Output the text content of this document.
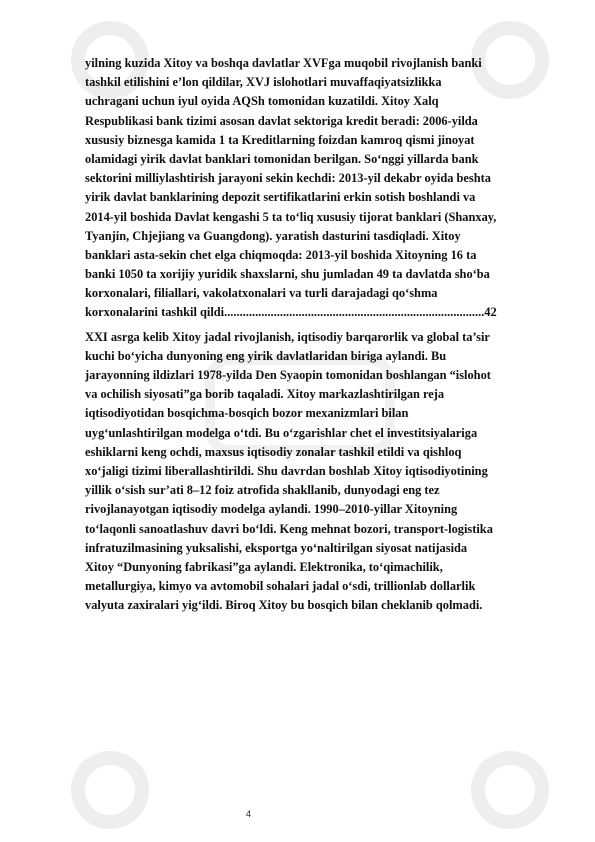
yilning kuzida Xitoy va boshqa davlatlar XVFga muqobil rivojlanish banki
tashkil etilishini e’lon qildilar, XVJ islohotlari muvaffaqiyatsizlikka
uchragani uchun iyul oyida AQSh tomonidan kuzatildi. Xitoy Xalq
Respublikasi bank tizimi asosan davlat sektoriga kredit beradi: 2006-yilda
xususiy biznesga kamida 1 ta Kreditlarning foizdan kamroq qismi jinoyat
olamidagi yirik davlat banklari tomonidan berilgan. So‘nggi yillarda bank
sektorini milliylashtirish jarayoni sekin kechdi: 2013-yil dekabr oyida beshta
yirik davlat banklarining depozit sertifikatlarini erkin sotish boshlandi va
2014-yil boshida Davlat kengashi 5 ta to‘liq xususiy tijorat banklari (Shanxay,
Tyanjin, Chjejiang va Guangdong). yaratish dasturini tasdiqladi. Xitoy
banklari asta-sekin chet elga chiqmoqda: 2013-yil boshida Xitoyning 16 ta
banki 1050 ta xorijiy yuridik shaxslarni, shu jumladan 49 ta davlatda sho‘ba
korxonalari, filiallari, vakolatxonalari va turli darajadagi qo‘shma
korxonalarini tashkil qildi....................................................................................42
XXI asrga kelib Xitoy jadal rivojlanish, iqtisodiy barqarorlik va global ta’sir
kuchi bo‘yicha dunyoning eng yirik davlatlaridan biriga aylandi. Bu
jarayonning ildizlari 1978-yilda Den Syaopin tomonidan boshlangan “islohot
va ochilish siyosati”ga borib taqaladi. Xitoy markazlashtirilgan reja
iqtisodiyotidan bosqichma-bosqich bozor mexanizmlari bilan
uyg‘unlashtirilgan modelga o‘tdi. Bu o‘zgarishlar chet el investitsiyalariga
eshiklarni keng ochdi, maxsus iqtisodiy zonalar tashkil etildi va qishloq
xo‘jaligi tizimi liberallashtirildi. Shu davrdan boshlab Xitoy iqtisodiyotining
yillik o‘sish sur’ati 8–12 foiz atrofida shakllanib, dunyodagi eng tez
rivojlanayotgan iqtisodiy modelga aylandi. 1990–2010-yillar Xitoyning
to‘laqonli sanoatlashuv davri bo‘ldi. Keng mehnat bozori, transport-logistika
infratuzilmasining yuksalishi, eksportga yo‘naltirilgan siyosat natijasida
Xitoy “Dunyoning fabrikasi”ga aylandi. Elektronika, to‘qimachilik,
metallurgiya, kimyo va avtomobil sohalari jadal o‘sdi, trillionlab dollarlik
valyuta zaxiralari yig‘ildi. Biroq Xitoy bu bosqich bilan cheklanib qolmadi.
4
